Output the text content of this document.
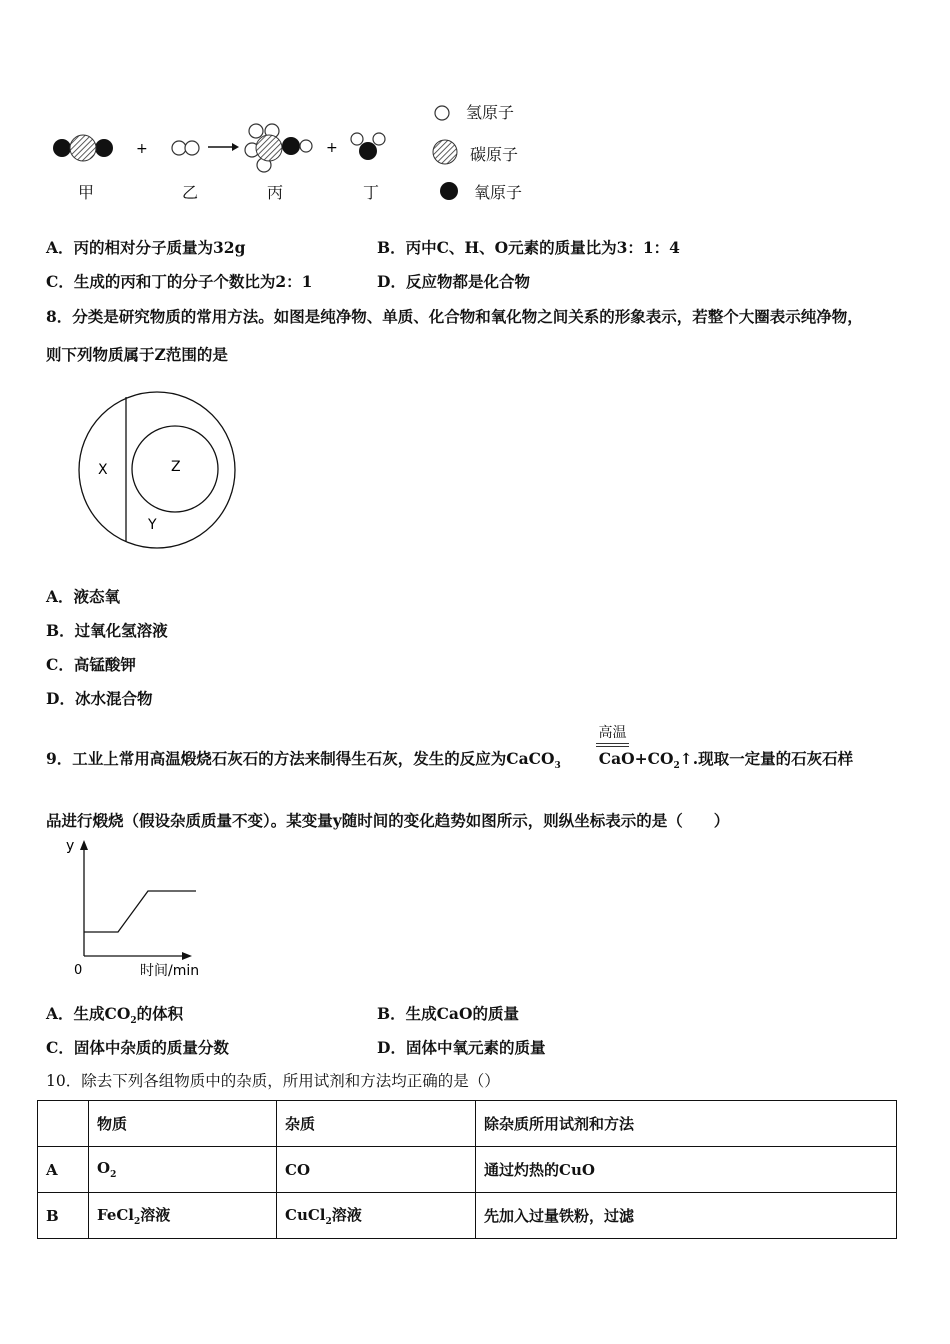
+	+
氢原子
碳原子
氧原子
甲	乙	丙	丁
A．丙的相对分子质量为32g	B．丙中C、H、O元素的质量比为3：1：4
C．生成的丙和丁的分子个数比为2：1	D．反应物都是化合物
8．分类是研究物质的常用方法。如图是纯净物、单质、化合物和氧化物之间关系的形象表示，若整个大圈表示纯净物，
则下列物质属于Z范围的是
X	Z
Y
A．液态氧
B．过氧化氢溶液
C．高锰酸钾
D．冰水混合物
高温
9．工业上常用高温煅烧石灰石的方法来制得生石灰，发生的反应为CaCO$_3$ $CaO+CO_2↑$.现取一定量的石灰石样
品进行煅烧（假设杂质质量不变）。某变量y随时间的变化趋势如图所示，则纵坐标表示的是（　　）
y
0	时间/min
A．生成$CO_2$的体积	B．生成CaO的质量
C．固体中杂质的质量分数	D．固体中氧元素的质量
10．除去下列各组物质中的杂质，所用试剂和方法均正确的是（）
	物质	杂质	除杂质所用试剂和方法
A	$O_2$	CO	通过灼热的CuO
B	FeCl$_2$溶液	CuCl$_2$溶液	先加入过量铁粉，过滤
